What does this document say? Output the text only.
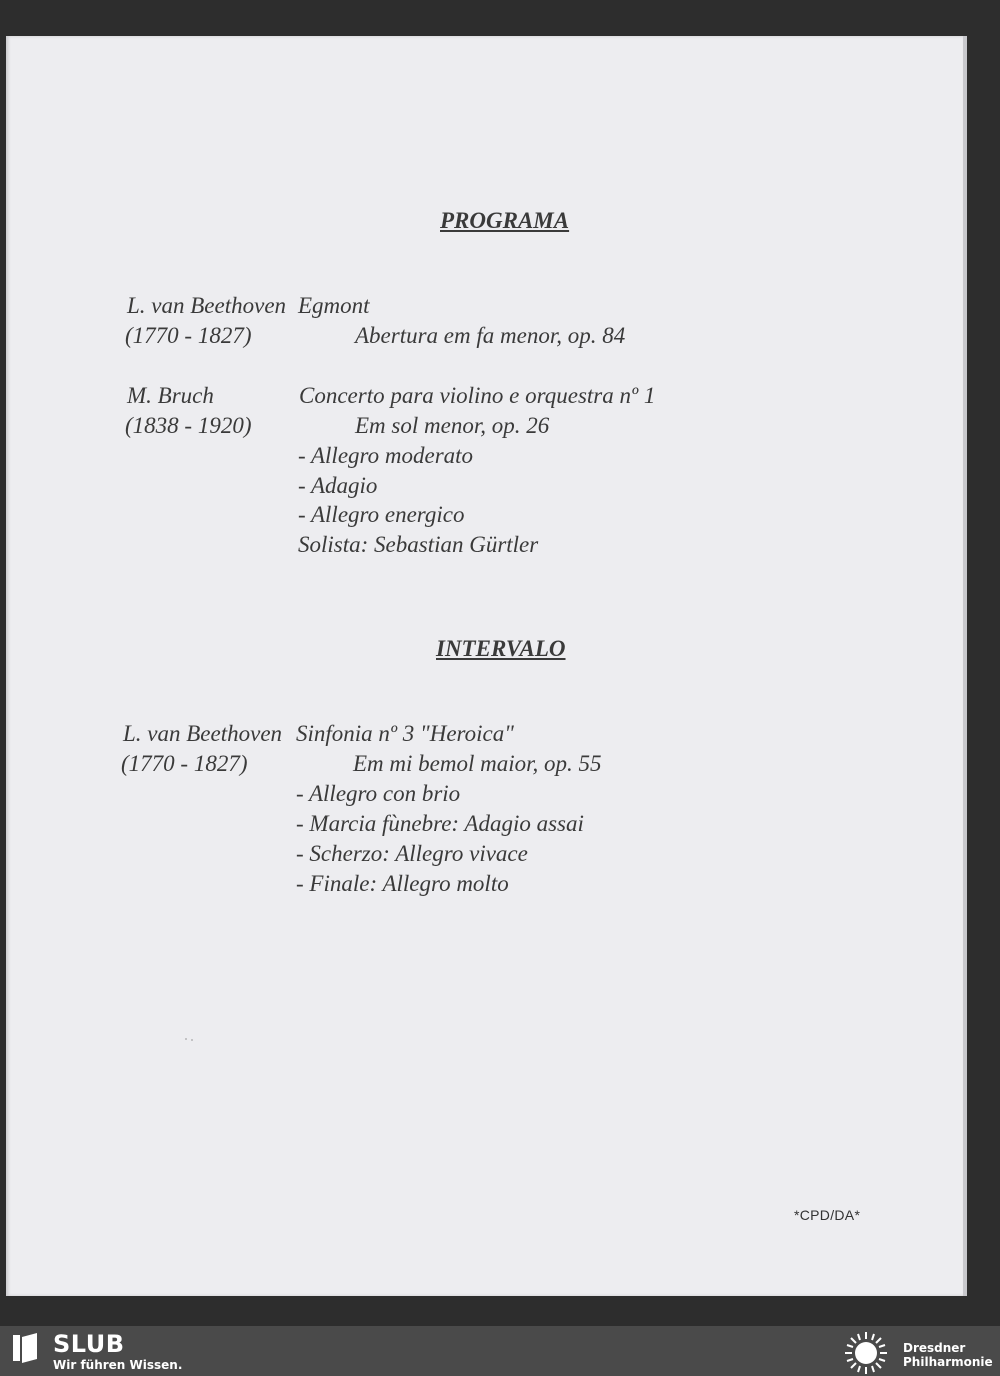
PROGRAMA
L. van Beethoven Egmont
(1770 - 1827)	Abertura em fa menor, op. 84
M. Bruch	Concerto para violino e orquestra nº 1
(1838 - 1920)	Em sol menor, op. 26
- Allegro moderato
- Adagio
- Allegro energico
Solista: Sebastian Gürtler
INTERVALO
L. van Beethoven Sinfonia nº 3 "Heroica"
(1770 - 1827)	Em mi bemol maior, op. 55
- Allegro con brio
- Marcia fùnebre: Adagio assai
- Scherzo: Allegro vivace
- Finale: Allegro molto
*CPD/DA*
SLUB
Wir führen Wissen.
Dresdner
Philharmonie
